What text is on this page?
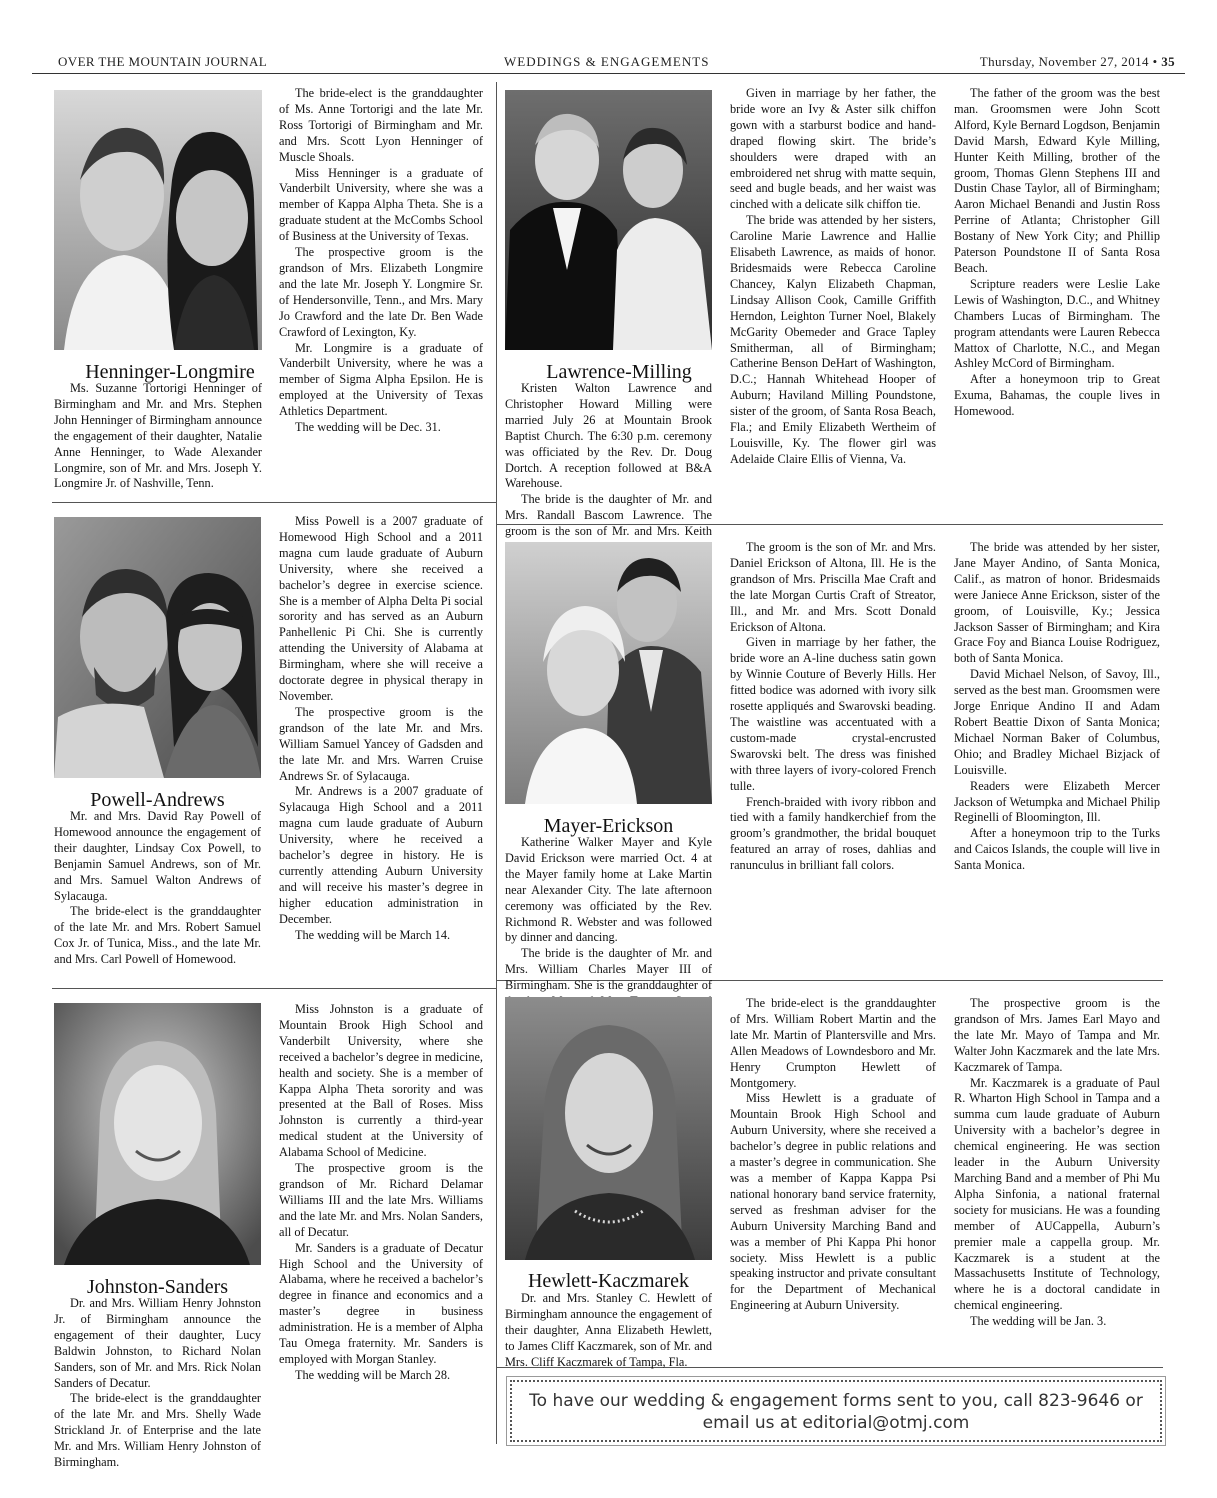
OVER THE MOUNTAIN JOURNAL	WEDDINGS & ENGAGEMENTS	Thursday, November 27, 2014 • 35
Henninger-Longmire

Ms. Suzanne Tortorigi Henninger of Birmingham and Mr. and Mrs. Stephen John Henninger of Birmingham announce the engagement of their daughter, Natalie Anne Henninger, to Wade Alexander Longmire, son of Mr. and Mrs. Joseph Y. Longmire Jr. of Nashville, Tenn.

The bride-elect is the granddaughter of Ms. Anne Tortorigi and the late Mr. Ross Tortorigi of Birmingham and Mr. and Mrs. Scott Lyon Henninger of Muscle Shoals.

Miss Henninger is a graduate of Vanderbilt University, where she was a member of Kappa Alpha Theta. She is a graduate student at the McCombs School of Business at the University of Texas.

The prospective groom is the grandson of Mrs. Elizabeth Longmire and the late Mr. Joseph Y. Longmire Sr. of Hendersonville, Tenn., and Mrs. Mary Jo Crawford and the late Dr. Ben Wade Crawford of Lexington, Ky.

Mr. Longmire is a graduate of Vanderbilt University, where he was a member of Sigma Alpha Epsilon. He is employed at the University of Texas Athletics Department.

The wedding will be Dec. 31.

Lawrence-Milling

Kristen Walton Lawrence and Christopher Howard Milling were married July 26 at Mountain Brook Baptist Church. The 6:30 p.m. ceremony was officiated by the Rev. Dr. Doug Dortch. A reception followed at B&A Warehouse.

The bride is the daughter of Mr. and Mrs. Randall Bascom Lawrence. The groom is the son of Mr. and Mrs. Keith

Given in marriage by her father, the bride wore an Ivy & Aster silk chiffon gown with a starburst bodice and hand-draped flowing skirt. The bride’s shoulders were draped with an embroidered net shrug with matte sequin, seed and bugle beads, and her waist was cinched with a delicate silk chiffon tie.

The bride was attended by her sisters, Caroline Marie Lawrence and Hallie Elisabeth Lawrence, as maids of honor. Bridesmaids were Rebecca Caroline Chancey, Kalyn Elizabeth Chapman, Lindsay Allison Cook, Camille Griffith Herndon, Leighton Turner Noel, Blakely McGarity Obemeder and Grace Tapley Smitherman, all of Birmingham; Catherine Benson DeHart of Washington, D.C.; Hannah Whitehead Hooper of Auburn; Haviland Milling Poundstone, sister of the groom, of Santa Rosa Beach, Fla.; and Emily Elizabeth Wertheim of Louisville, Ky. The flower girl was Adelaide Claire Ellis of Vienna, Va.

The father of the groom was the best man. Groomsmen were John Scott Alford, Kyle Bernard Logdson, Benjamin David Marsh, Edward Kyle Milling, Hunter Keith Milling, brother of the groom, Thomas Glenn Stephens III and Dustin Chase Taylor, all of Birmingham; Aaron Michael Benandi and Justin Ross Perrine of Atlanta; Christopher Gill Bostany of New York City; and Phillip Paterson Poundstone II of Santa Rosa Beach.

Scripture readers were Leslie Lake Lewis of Washington, D.C., and Whitney Chambers Lucas of Birmingham. The program attendants were Lauren Rebecca Mattox of Charlotte, N.C., and Megan Ashley McCord of Birmingham.

After a honeymoon trip to Great Exuma, Bahamas, the couple lives in Homewood.

Powell-Andrews

Mr. and Mrs. David Ray Powell of Homewood announce the engagement of their daughter, Lindsay Cox Powell, to Benjamin Samuel Andrews, son of Mr. and Mrs. Samuel Walton Andrews of Sylacauga.

The bride-elect is the granddaughter of the late Mr. and Mrs. Robert Samuel Cox Jr. of Tunica, Miss., and the late Mr. and Mrs. Carl Powell of Homewood.

Miss Powell is a 2007 graduate of Homewood High School and a 2011 magna cum laude graduate of Auburn University, where she received a bachelor’s degree in exercise science. She is a member of Alpha Delta Pi social sorority and has served as an Auburn Panhellenic Pi Chi. She is currently attending the University of Alabama at Birmingham, where she will receive a doctorate degree in physical therapy in November.

The prospective groom is the grandson of the late Mr. and Mrs. William Samuel Yancey of Gadsden and the late Mr. and Mrs. Warren Cruise Andrews Sr. of Sylacauga.

Mr. Andrews is a 2007 graduate of Sylacauga High School and a 2011 magna cum laude graduate of Auburn University, where he received a bachelor’s degree in history. He is currently attending Auburn University and will receive his master’s degree in higher education administration in December.

The wedding will be March 14.

Mayer-Erickson

Katherine Walker Mayer and Kyle David Erickson were married Oct. 4 at the Mayer family home at Lake Martin near Alexander City. The late afternoon ceremony was officiated by the Rev. Richmond R. Webster and was followed by dinner and dancing.

The bride is the daughter of Mr. and Mrs. William Charles Mayer III of Birmingham. She is the granddaughter of

The groom is the son of Mr. and Mrs. Daniel Erickson of Altona, Ill. He is the grandson of Mrs. Priscilla Mae Craft and the late Morgan Curtis Craft of Streator, Ill., and Mr. and Mrs. Scott Donald Erickson of Altona.

Given in marriage by her father, the bride wore an A-line duchess satin gown by Winnie Couture of Beverly Hills. Her fitted bodice was adorned with ivory silk rosette appliqués and Swarovski beading. The waistline was accentuated with a custom-made crystal-encrusted Swarovski belt. The dress was finished with three layers of ivory-colored French tulle.

French-braided with ivory ribbon and tied with a family handkerchief from the groom’s grandmother, the bridal bouquet featured an array of roses, dahlias and ranunculus in brilliant fall colors.

The bride was attended by her sister, Jane Mayer Andino, of Santa Monica, Calif., as matron of honor. Bridesmaids were Janiece Anne Erickson, sister of the groom, of Louisville, Ky.; Jessica Jackson Sasser of Birmingham; and Kira Grace Foy and Bianca Louise Rodriguez, both of Santa Monica.

David Michael Nelson, of Savoy, Ill., served as the best man. Groomsmen were Jorge Enrique Andino II and Adam Robert Beattie Dixon of Santa Monica; Michael Norman Baker of Columbus, Ohio; and Bradley Michael Bizjack of Louisville.

Readers were Elizabeth Mercer Jackson of Wetumpka and Michael Philip Reginelli of Bloomington, Ill.

After a honeymoon trip to the Turks and Caicos Islands, the couple will live in Santa Monica.

Johnston-Sanders

Dr. and Mrs. William Henry Johnston Jr. of Birmingham announce the engagement of their daughter, Lucy Baldwin Johnston, to Richard Nolan Sanders, son of Mr. and Mrs. Rick Nolan Sanders of Decatur.

The bride-elect is the granddaughter of the late Mr. and Mrs. Shelly Wade Strickland Jr. of Enterprise and the late Mr. and Mrs. William Henry Johnston of Birmingham.

Miss Johnston is a graduate of Mountain Brook High School and Vanderbilt University, where she received a bachelor’s degree in medicine, health and society. She is a member of Kappa Alpha Theta sorority and was presented at the Ball of Roses. Miss Johnston is currently a third-year medical student at the University of Alabama School of Medicine.

The prospective groom is the grandson of Mr. Richard Delamar Williams III and the late Mrs. Williams and the late Mr. and Mrs. Nolan Sanders, all of Decatur.

Mr. Sanders is a graduate of Decatur High School and the University of Alabama, where he received a bachelor’s degree in finance and economics and a master’s degree in business administration. He is a member of Alpha Tau Omega fraternity. Mr. Sanders is employed with Morgan Stanley.

The wedding will be March 28.

Hewlett-Kaczmarek

Dr. and Mrs. Stanley C. Hewlett of Birmingham announce the engagement of their daughter, Anna Elizabeth Hewlett, to James Cliff Kaczmarek, son of Mr. and Mrs. Cliff Kaczmarek of Tampa, Fla.

The bride-elect is the granddaughter of Mrs. William Robert Martin and the late Mr. Martin of Plantersville and Mrs. Allen Meadows of Lowndesboro and Mr. Henry Crumpton Hewlett of Montgomery.

Miss Hewlett is a graduate of Mountain Brook High School and Auburn University, where she received a bachelor’s degree in public relations and a master’s degree in communication. She was a member of Kappa Kappa Psi national honorary band service fraternity, served as freshman adviser for the Auburn University Marching Band and was a member of Phi Kappa Phi honor society. Miss Hewlett is a public speaking instructor and private consultant for the Department of Mechanical Engineering at Auburn University.

The prospective groom is the grandson of Mrs. James Earl Mayo and the late Mr. Mayo of Tampa and Mr. Walter John Kaczmarek and the late Mrs. Kaczmarek of Tampa.

Mr. Kaczmarek is a graduate of Paul R. Wharton High School in Tampa and a summa cum laude graduate of Auburn University with a bachelor’s degree in chemical engineering. He was section leader in the Auburn University Marching Band and a member of Phi Mu Alpha Sinfonia, a national fraternal society for musicians. He was a founding member of AUCappella, Auburn’s premier male a cappella group. Mr. Kaczmarek is a student at the Massachusetts Institute of Technology, where he is a doctoral candidate in chemical engineering.

The wedding will be Jan. 3.

To have our wedding & engagement forms sent to you, call 823-9646 or
email us at editorial@otmj.com
